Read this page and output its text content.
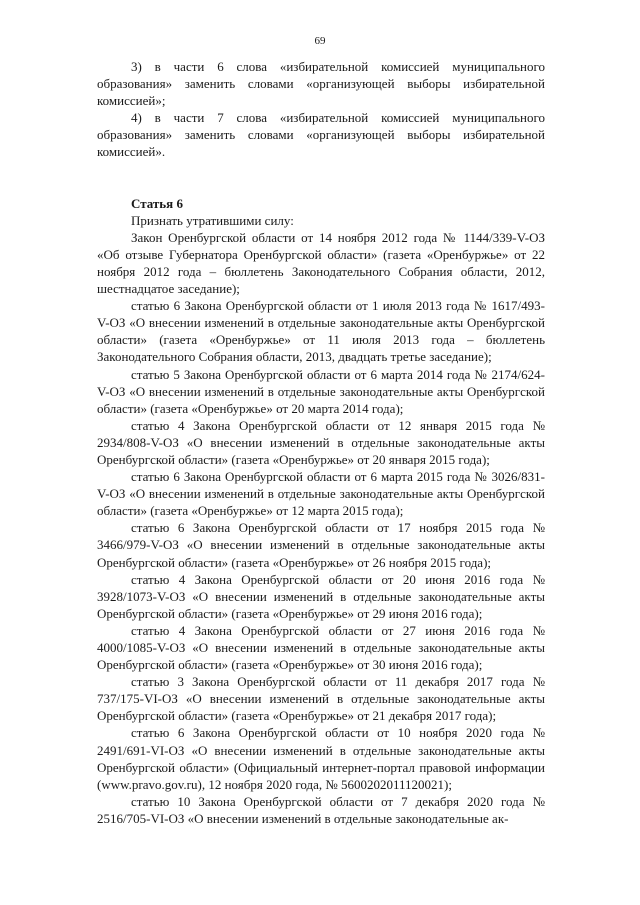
69

3) в части 6 слова «избирательной комиссией муниципального образования» заменить словами «организующей выборы избирательной комиссией»;

4) в части 7 слова «избирательной комиссией муниципального образования» заменить словами «организующей выборы избирательной комиссией».

Статья 6

Признать утратившими силу:

Закон Оренбургской области от 14 ноября 2012 года № 1144/339-V-ОЗ «Об отзыве Губернатора Оренбургской области» (газета «Оренбуржье» от 22 ноября 2012 года – бюллетень Законодательного Собрания области, 2012, шестнадцатое заседание);

статью 6 Закона Оренбургской области от 1 июля 2013 года № 1617/493-V-ОЗ «О внесении изменений в отдельные законодательные акты Оренбургской области» (газета «Оренбуржье» от 11 июля 2013 года – бюллетень Законодательного Собрания области, 2013, двадцать третье заседание);

статью 5 Закона Оренбургской области от 6 марта 2014 года № 2174/624-V-ОЗ «О внесении изменений в отдельные законодательные акты Оренбургской области» (газета «Оренбуржье» от 20 марта 2014 года);

статью 4 Закона Оренбургской области от 12 января 2015 года № 2934/808-V-ОЗ «О внесении изменений в отдельные законодательные акты Оренбургской области» (газета «Оренбуржье» от 20 января 2015 года);

статью 6 Закона Оренбургской области от 6 марта 2015 года № 3026/831-V-ОЗ «О внесении изменений в отдельные законодательные акты Оренбургской области» (газета «Оренбуржье» от 12 марта 2015 года);

статью 6 Закона Оренбургской области от 17 ноября 2015 года № 3466/979-V-ОЗ «О внесении изменений в отдельные законодательные акты Оренбургской области» (газета «Оренбуржье» от 26 ноября 2015 года);

статью 4 Закона Оренбургской области от 20 июня 2016 года № 3928/1073-V-ОЗ «О внесении изменений в отдельные законодательные акты Оренбургской области» (газета «Оренбуржье» от 29 июня 2016 года);

статью 4 Закона Оренбургской области от 27 июня 2016 года № 4000/1085-V-ОЗ «О внесении изменений в отдельные законодательные акты Оренбургской области» (газета «Оренбуржье» от 30 июня 2016 года);

статью 3 Закона Оренбургской области от 11 декабря 2017 года № 737/175-VI-ОЗ «О внесении изменений в отдельные законодательные акты Оренбургской области» (газета «Оренбуржье» от 21 декабря 2017 года);

статью 6 Закона Оренбургской области от 10 ноября 2020 года № 2491/691-VI-ОЗ «О внесении изменений в отдельные законодательные акты Оренбургской области» (Официальный интернет-портал правовой информации (www.pravo.gov.ru), 12 ноября 2020 года, № 5600202011120021);

статью 10 Закона Оренбургской области от 7 декабря 2020 года № 2516/705-VI-ОЗ «О внесении изменений в отдельные законодательные ак-
